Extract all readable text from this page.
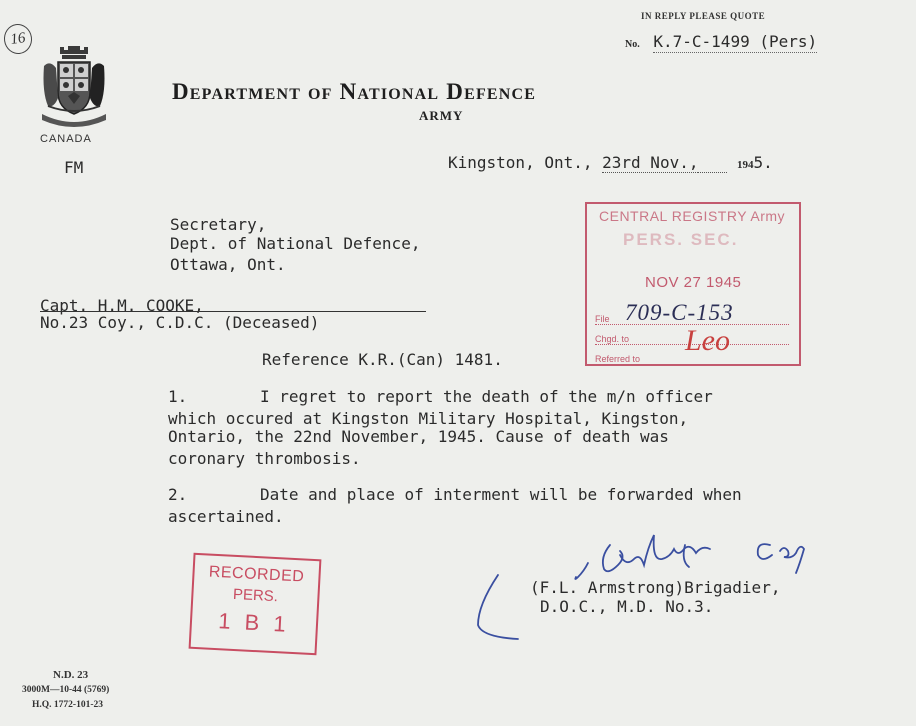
16
IN REPLY PLEASE QUOTE
No. K.7-C-1499 (Pers)
CANADA
Department of National Defence
ARMY
FM	Kingston, Ont., 23rd Nov.,	1945.
CENTRAL REGISTRY Army
PERS. SEC.
NOV 27 1945
File 709-C-153
Chgd. to
Referred to
Leo
Secretary,
Dept. of National Defence,
Ottawa, Ont.
Capt. H.M. COOKE,
No.23 Coy., C.D.C. (Deceased)
Reference K.R.(Can) 1481.
1.	I regret to report the death of the m/n officer
which occured at Kingston Military Hospital, Kingston,
Ontario, the 22nd November, 1945. Cause of death was
coronary thrombosis.
2.	Date and place of interment will be forwarded when
ascertained.
(F.L. Armstrong)Brigadier,
D.O.C., M.D. No.3.
RECORDED
PERS.
1 B 1
N.D. 23
3000M—10-44 (5769)
H.Q. 1772-101-23
